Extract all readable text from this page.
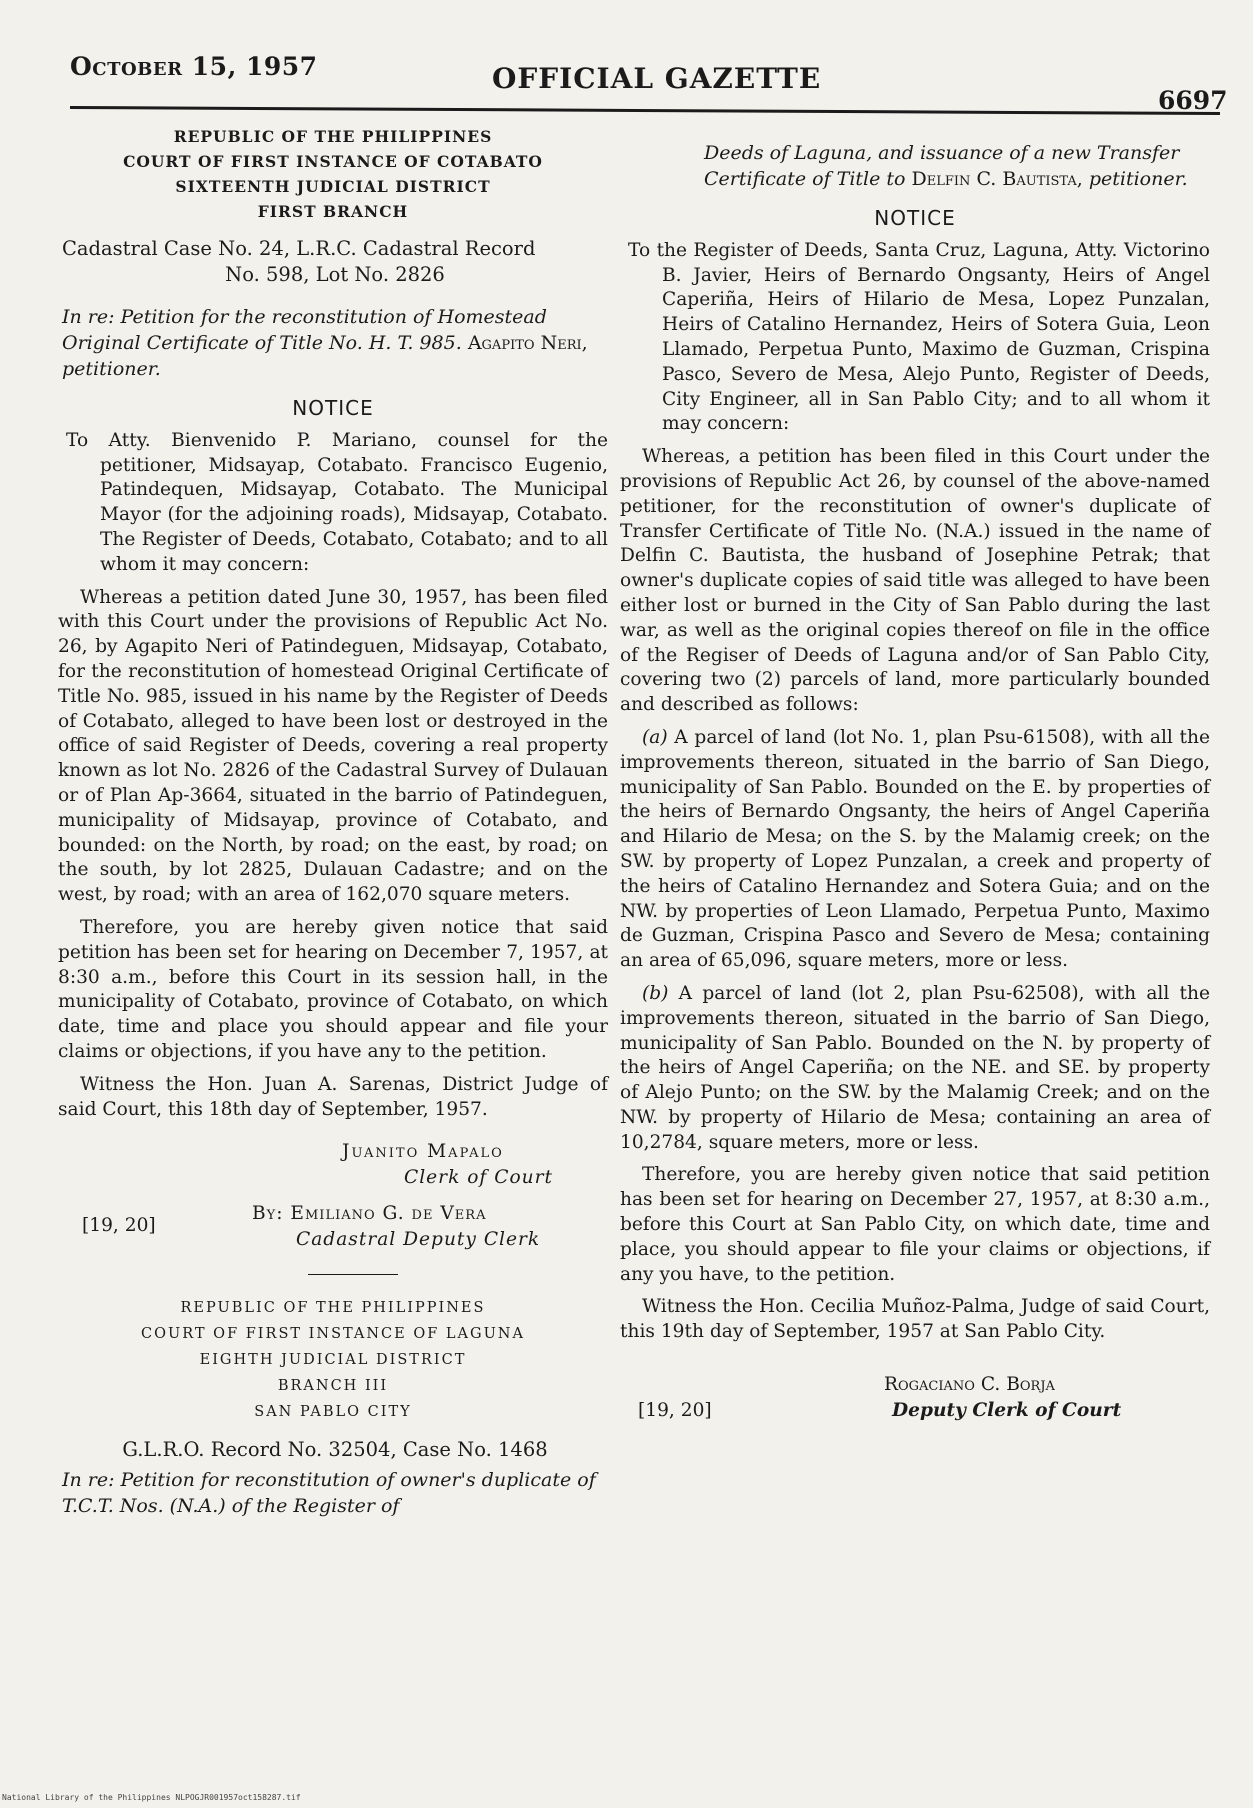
October 15, 1957	OFFICIAL GAZETTE
6697
REPUBLIC OF THE PHILIPPINES
COURT OF FIRST INSTANCE OF COTABATO
SIXTEENTH JUDICIAL DISTRICT
FIRST BRANCH
Cadastral Case No. 24, L.R.C. Cadastral Record
No. 598, Lot No. 2826
In re: Petition for the reconstitution of Homestead Original Certificate of Title No. H. T. 985. Agapito Neri, petitioner.
NOTICE
To Atty. Bienvenido P. Mariano, counsel for the petitioner, Midsayap, Cotabato. Francisco Eugenio, Patindequen, Midsayap, Cotabato. The Municipal Mayor (for the adjoining roads), Midsayap, Cotabato. The Register of Deeds, Cotabato, Cotabato; and to all whom it may concern:

Whereas a petition dated June 30, 1957, has been filed with this Court under the provisions of Republic Act No. 26, by Agapito Neri of Patindeguen, Midsayap, Cotabato, for the reconstitution of homestead Original Certificate of Title No. 985, issued in his name by the Register of Deeds of Cotabato, alleged to have been lost or destroyed in the office of said Register of Deeds, covering a real property known as lot No. 2826 of the Cadastral Survey of Dulauan or of Plan Ap-3664, situated in the barrio of Patindeguen, municipality of Midsayap, province of Cotabato, and bounded: on the North, by road; on the east, by road; on the south, by lot 2825, Dulauan Cadastre; and on the west, by road; with an area of 162,070 square meters.

Therefore, you are hereby given notice that said petition has been set for hearing on December 7, 1957, at 8:30 a.m., before this Court in its session hall, in the municipality of Cotabato, province of Cotabato, on which date, time and place you should appear and file your claims or objections, if you have any to the petition.

Witness the Hon. Juan A. Sarenas, District Judge of said Court, this 18th day of September, 1957.

Juanito Mapalo
Clerk of Court
By: Emiliano G. de Vera
Cadastral Deputy Clerk
[19, 20]
REPUBLIC OF THE PHILIPPINES
COURT OF FIRST INSTANCE OF LAGUNA
EIGHTH JUDICIAL DISTRICT
BRANCH III
SAN PABLO CITY
G.L.R.O. Record No. 32504, Case No. 1468
In re: Petition for reconstitution of owner's duplicate of T.C.T. Nos. (N.A.) of the Register of
Deeds of Laguna, and issuance of a new Transfer Certificate of Title to Delfin C. Bautista, petitioner.
NOTICE
To the Register of Deeds, Santa Cruz, Laguna, Atty. Victorino B. Javier, Heirs of Bernardo Ongsanty, Heirs of Angel Caperiña, Heirs of Hilario de Mesa, Lopez Punzalan, Heirs of Catalino Hernandez, Heirs of Sotera Guia, Leon Llamado, Perpetua Punto, Maximo de Guzman, Crispina Pasco, Severo de Mesa, Alejo Punto, Register of Deeds, City Engineer, all in San Pablo City; and to all whom it may concern:

Whereas, a petition has been filed in this Court under the provisions of Republic Act 26, by counsel of the above-named petitioner, for the reconstitution of owner's duplicate of Transfer Certificate of Title No. (N.A.) issued in the name of Delfin C. Bautista, the husband of Josephine Petrak; that owner's duplicate copies of said title was alleged to have been either lost or burned in the City of San Pablo during the last war, as well as the original copies thereof on file in the office of the Regiser of Deeds of Laguna and/or of San Pablo City, covering two (2) parcels of land, more particularly bounded and described as follows:

(a) A parcel of land (lot No. 1, plan Psu-61508), with all the improvements thereon, situated in the barrio of San Diego, municipality of San Pablo. Bounded on the E. by properties of the heirs of Bernardo Ongsanty, the heirs of Angel Caperiña and Hilario de Mesa; on the S. by the Malamig creek; on the SW. by property of Lopez Punzalan, a creek and property of the heirs of Catalino Hernandez and Sotera Guia; and on the NW. by properties of Leon Llamado, Perpetua Punto, Maximo de Guzman, Crispina Pasco and Severo de Mesa; containing an area of 65,096, square meters, more or less.

(b) A parcel of land (lot 2, plan Psu-62508), with all the improvements thereon, situated in the barrio of San Diego, municipality of San Pablo. Bounded on the N. by property of the heirs of Angel Caperiña; on the NE. and SE. by property of Alejo Punto; on the SW. by the Malamig Creek; and on the NW. by property of Hilario de Mesa; containing an area of 10,2784, square meters, more or less.

Therefore, you are hereby given notice that said petition has been set for hearing on December 27, 1957, at 8:30 a.m., before this Court at San Pablo City, on which date, time and place, you should appear to file your claims or objections, if any you have, to the petition.

Witness the Hon. Cecilia Muñoz-Palma, Judge of said Court, this 19th day of September, 1957 at San Pablo City.

Rogaciano C. Borja
Deputy Clerk of Court
[19, 20]
National Library of the Philippines NLPOGJR001957oct158287.tif
